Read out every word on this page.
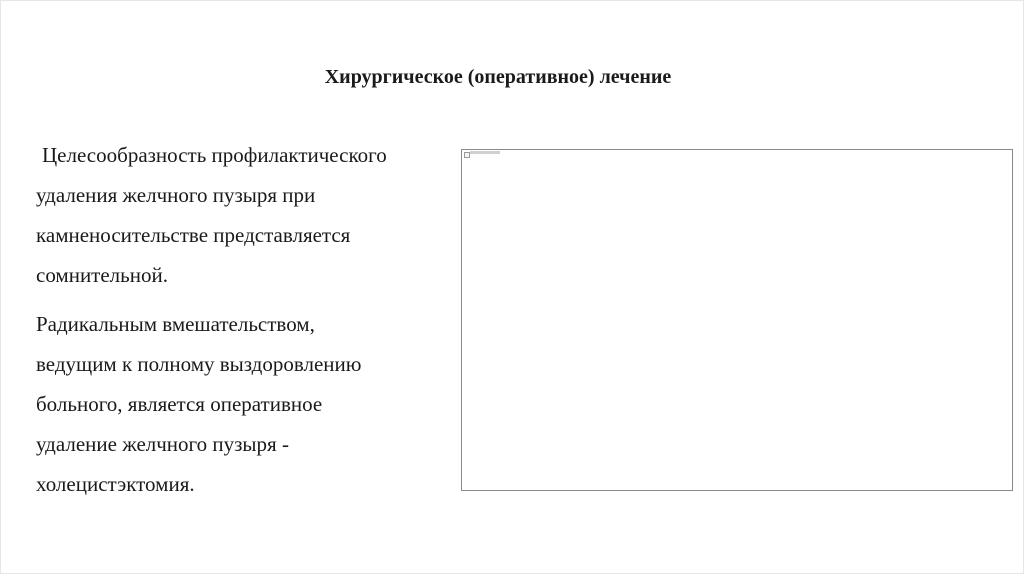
Хирургическое (оперативное) лечение

Целесообразность профилактического
удаления желчного пузыря при
камненосительстве представляется
сомнительной.

Радикальным вмешательством,
ведущим к полному выздоровлению
больного, является оперативное
удаление желчного пузыря -
холецистэктомия.
